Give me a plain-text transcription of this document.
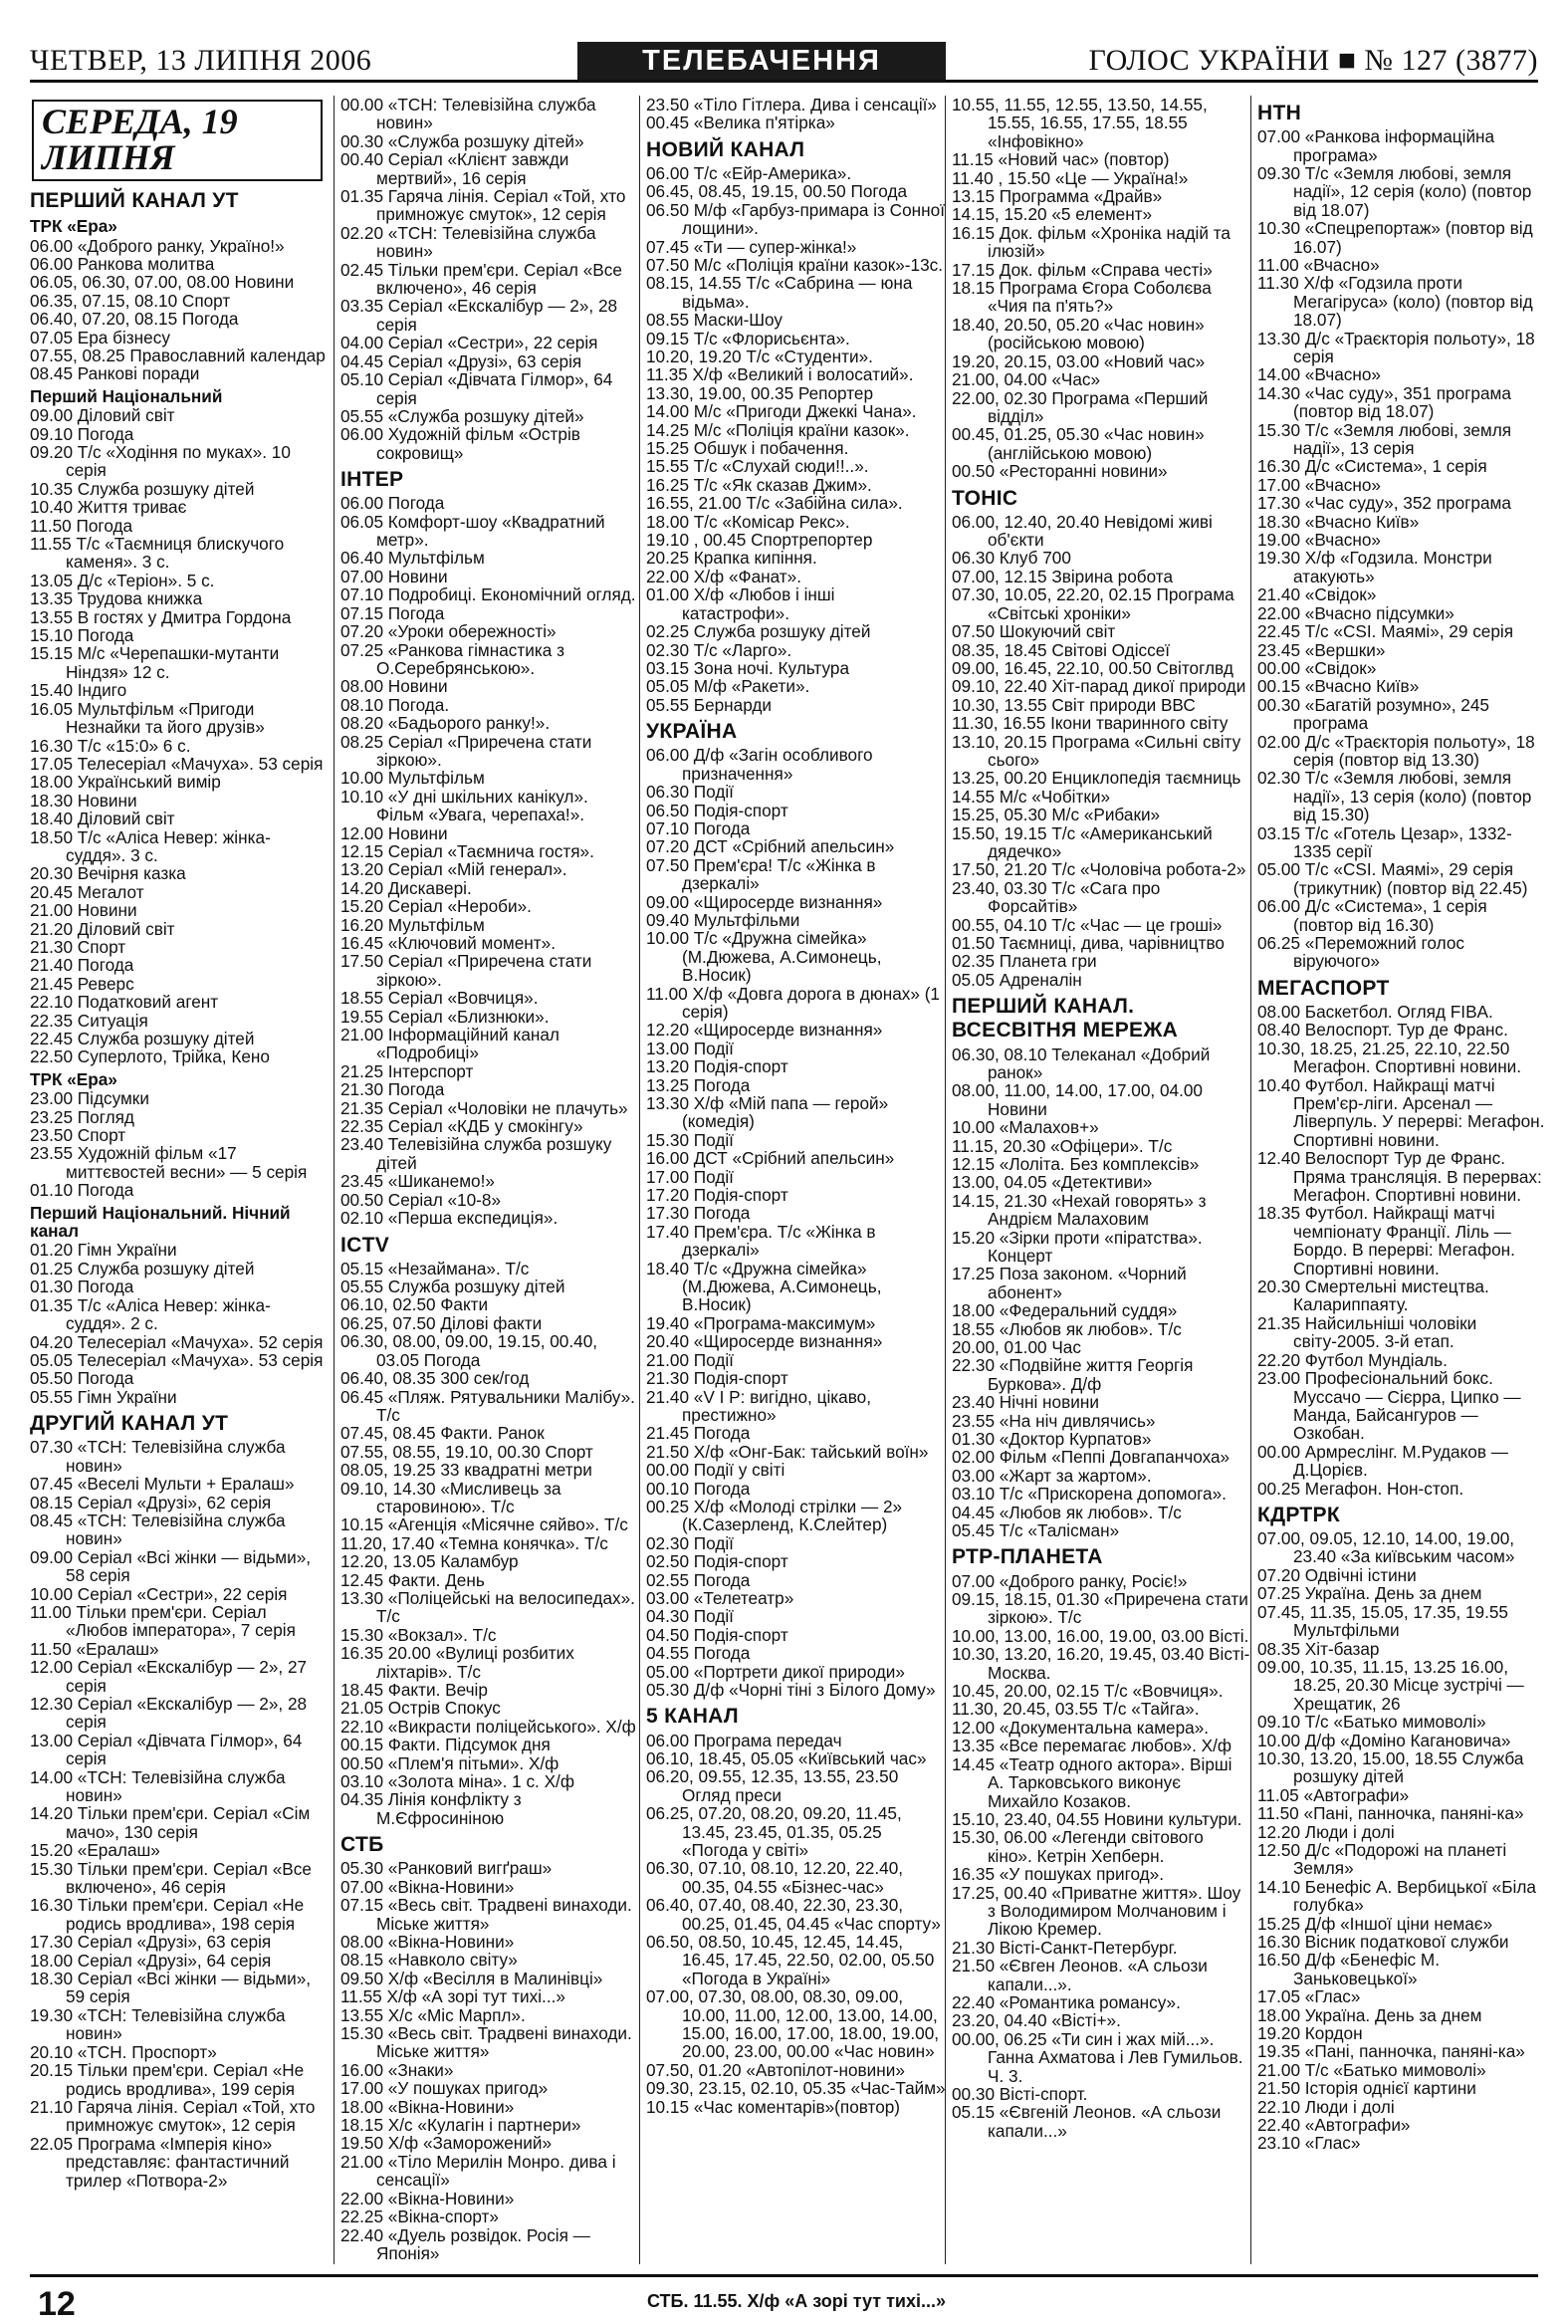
ЧЕТВЕР, 13 ЛИПНЯ 2006	ТЕЛЕБАЧЕННЯ	ГОЛОС УКРАЇНИ ■ № 127 (3877)
СЕРЕДА, 19 ЛИПНЯ
ПЕРШИЙ КАНАЛ УТ
ТРК «Ера»
06.00 «Доброго ранку, Україно!»
06.00 Ранкова молитва
06.05, 06.30, 07.00, 08.00 Новини
06.35, 07.15, 08.10 Спорт
06.40, 07.20, 08.15 Погода
07.05 Ера бізнесу
07.55, 08.25 Православний календар
08.45 Ранкові поради
Перший Національний
09.00 Діловий світ
09.10 Погода
09.20 Т/с «Ходіння по муках». 10 серія
10.35 Служба розшуку дітей
10.40 Життя триває
11.50 Погода
11.55 Т/с «Таємниця блискучого каменя». 3 с.
13.05 Д/с «Теріон». 5 с.
13.35 Трудова книжка
13.55 В гостях у Дмитра Гордона
15.10 Погода
15.15 М/с «Черепашки-мутанти Ніндзя» 12 с.
15.40 Індиго
16.05 Мультфільм «Пригоди Незнайки та його друзів»
16.30 Т/с «15:0» 6 с.
17.05 Телесеріал «Мачуха». 53 серія
18.00 Український вимір
18.30 Новини
18.40 Діловий світ
18.50 Т/с «Аліса Невер: жінка-суддя». 3 с.
20.30 Вечірня казка
20.45 Мегалот
21.00 Новини
21.20 Діловий світ
21.30 Спорт
21.40 Погода
21.45 Реверс
22.10 Податковий агент
22.35 Ситуація
22.45 Служба розшуку дітей
22.50 Суперлото, Трійка, Кено
ТРК «Ера»
23.00 Підсумки
23.25 Погляд
23.50 Спорт
23.55 Художній фільм «17 миттєвостей весни» — 5 серія
01.10 Погода
Перший Національний. Нічний канал
01.20 Гімн України
01.25 Служба розшуку дітей
01.30 Погода
01.35 Т/с «Аліса Невер: жінка-суддя». 2 с.
04.20 Телесеріал «Мачуха». 52 серія
05.05 Телесеріал «Мачуха». 53 серія
05.50 Погода
05.55 Гімн України
ДРУГИЙ КАНАЛ УТ
07.30 «ТСН: Телевізійна служба новин»
07.45 «Веселі Мульти + Ералаш»
08.15 Серіал «Друзі», 62 серія
08.45 «ТСН: Телевізійна служба новин»
09.00 Серіал «Всі жінки — відьми», 58 серія
10.00 Серіал «Сестри», 22 серія
11.00 Тільки прем'єри. Серіал «Любов імператора», 7 серія
11.50 «Ералаш»
12.00 Серіал «Екскалібур — 2», 27 серія
12.30 Серіал «Екскалібур — 2», 28 серія
13.00 Серіал «Дівчата Гілмор», 64 серія
14.00 «ТСН: Телевізійна служба новин»
14.20 Тільки прем'єри. Серіал «Сім мачо», 130 серія
15.20 «Ералаш»
15.30 Тільки прем'єри. Серіал «Все включено», 46 серія
16.30 Тільки прем'єри. Серіал «Не родись вродлива», 198 серія
17.30 Серіал «Друзі», 63 серія
18.00 Серіал «Друзі», 64 серія
18.30 Серіал «Всі жінки — відьми», 59 серія
19.30 «ТСН: Телевізійна служба новин»
20.10 «ТСН. Проспорт»
20.15 Тільки прем'єри. Серіал «Не родись вродлива», 199 серія
21.10 Гаряча лінія. Серіал «Той, хто примножує смуток», 12 серія
22.05 Програма «Імперія кіно» представляє: фантастичний трилер «Потвора-2»
00.00 «ТСН: Телевізійна служба новин»
00.30 «Служба розшуку дітей»
00.40 Серіал «Клієнт завжди мертвий», 16 серія
01.35 Гаряча лінія. Серіал «Той, хто примножує смуток», 12 серія
02.20 «ТСН: Телевізійна служба новин»
02.45 Тільки прем'єри. Серіал «Все включено», 46 серія
03.35 Серіал «Екскалібур — 2», 28 серія
04.00 Серіал «Сестри», 22 серія
04.45 Серіал «Друзі», 63 серія
05.10 Серіал «Дівчата Гілмор», 64 серія
05.55 «Служба розшуку дітей»
06.00 Художній фільм «Острів сокровищ»
ІНТЕР
06.00 Погода
06.05 Комфорт-шоу «Квадратний метр».
06.40 Мультфільм
07.00 Новини
07.10 Подробиці. Економічний огляд.
07.15 Погода
07.20 «Уроки обережності»
07.25 «Ранкова гімнастика з О.Серебрянською».
08.00 Новини
08.10 Погода.
08.20 «Бадьорого ранку!».
08.25 Серіал «Приречена стати зіркою».
10.00 Мультфільм
10.10 «У дні шкільних канікул». Фільм «Увага, черепаха!».
12.00 Новини
12.15 Серіал «Таємнича гостя».
13.20 Серіал «Мій генерал».
14.20 Дискавері.
15.20 Серіал «Нероби».
16.20 Мультфільм
16.45 «Ключовий момент».
17.50 Серіал «Приречена стати зіркою».
18.55 Серіал «Вовчиця».
19.55 Серіал «Близнюки».
21.00 Інформаційний канал «Подробиці»
21.25 Інтерспорт
21.30 Погода
21.35 Серіал «Чоловіки не плачуть»
22.35 Серіал «КДБ у смокінгу»
23.40 Телевізійна служба розшуку дітей
23.45 «Шиканемо!»
00.50 Серіал «10-8»
02.10 «Перша експедиція».
ICTV
05.15 «Незаймана». Т/с
05.55 Служба розшуку дітей
06.10, 02.50 Факти
06.25, 07.50 Ділові факти
06.30, 08.00, 09.00, 19.15, 00.40, 03.05 Погода
06.40, 08.35 300 сек/год
06.45 «Пляж. Рятувальники Малібу». Т/с
07.45, 08.45 Факти. Ранок
07.55, 08.55, 19.10, 00.30 Спорт
08.05, 19.25 33 квадратні метри
09.10, 14.30 «Мисливець за старовиною». Т/с
10.15 «Агенція «Місячне сяйво». Т/с
11.20, 17.40 «Темна конячка». Т/с
12.20, 13.05 Каламбур
12.45 Факти. День
13.30 «Поліцейські на велосипедах». Т/с
15.30 «Вокзал». Т/с
16.35 20.00 «Вулиці розбитих ліхтарів». Т/с
18.45 Факти. Вечір
21.05 Острів Спокус
22.10 «Викрасти поліцейського». Х/ф
00.15 Факти. Підсумок дня
00.50 «Плем'я пітьми». Х/ф
03.10 «Золота міна». 1 с. Х/ф
04.35 Лінія конфлікту з М.Єфросиніною
СТБ
05.30 «Ранковий вигґраш»
07.00 «Вікна-Новини»
07.15 «Весь світ. Традвені винаходи. Міське життя»
08.00 «Вікна-Новини»
08.15 «Навколо світу»
09.50 Х/ф «Весілля в Малинівці»
11.55 Х/ф «А зорі тут тихі...»
13.55 Х/с «Міс Марпл».
15.30 «Весь світ. Традвені винаходи. Міське життя»
16.00 «Знаки»
17.00 «У пошуках пригод»
18.00 «Вікна-Новини»
18.15 Х/с «Кулагін і партнери»
19.50 Х/ф «Заморожений»
21.00 «Тіло Мерилін Монро. дива і сенсації»
22.00 «Вікна-Новини»
22.25 «Вікна-спорт»
22.40 «Дуель розвідок. Росія — Японія»
23.50 «Тіло Гітлера. Дива і сенсації»
00.45 «Велика п'ятірка»
НОВИЙ КАНАЛ
06.00 Т/с «Ейр-Америка».
06.45, 08.45, 19.15, 00.50 Погода
06.50 М/ф «Гарбуз-примара із Сонної лощини».
07.45 «Ти — супер-жінка!»
07.50 М/с «Поліція країни казок»-13с.
08.15, 14.55 Т/с «Сабрина — юна відьма».
08.55 Маски-Шоу
09.15 Т/с «Флорисьєнта».
10.20, 19.20 Т/с «Студенти».
11.35 Х/ф «Великий і волосатий».
13.30, 19.00, 00.35 Репортер
14.00 М/с «Пригоди Джеккі Чана».
14.25 М/с «Поліція країни казок».
15.25 Обшук і побачення.
15.55 Т/с «Слухай сюди!!..».
16.25 Т/с «Як сказав Джим».
16.55, 21.00 Т/с «Забійна сила».
18.00 Т/с «Комісар Рекс».
19.10 , 00.45 Спортрепортер
20.25 Крапка кипіння.
22.00 Х/ф «Фанат».
01.00 Х/ф «Любов і інші катастрофи».
02.25 Служба розшуку дітей
02.30 Т/с «Ларго».
03.15 Зона ночі. Культура
05.05 М/ф «Ракети».
05.55 Бернарди
УКРАЇНА
06.00 Д/ф «Загін особливого призначення»
06.30 Події
06.50 Подія-спорт
07.10 Погода
07.20 ДСТ «Срібний апельсин»
07.50 Прем'єра! Т/с «Жінка в дзеркалі»
09.00 «Щиросерде визнання»
09.40 Мультфільми
10.00 Т/с «Дружна сімейка» (М.Дюжева, А.Симонець, В.Носик)
11.00 Х/ф «Довга дорога в дюнах» (1 серія)
12.20 «Щиросерде визнання»
13.00 Події
13.20 Подія-спорт
13.25 Погода
13.30 Х/ф «Мій папа — герой» (комедія)
15.30 Події
16.00 ДСТ «Срібний апельсин»
17.00 Події
17.20 Подія-спорт
17.30 Погода
17.40 Прем'єра. Т/с «Жінка в дзеркалі»
18.40 Т/с «Дружна сімейка» (М.Дюжева, А.Симонець, В.Носик)
19.40 «Програма-максимум»
20.40 «Щиросерде визнання»
21.00 Події
21.30 Подія-спорт
21.40 «V I P: вигідно, цікаво, престижно»
21.45 Погода
21.50 Х/ф «Онг-Бак: тайський воїн»
00.00 Події у світі
00.10 Погода
00.25 Х/ф «Молоді стрілки — 2» (К.Сазерленд, К.Слейтер)
02.30 Події
02.50 Подія-спорт
02.55 Погода
03.00 «Телетеатр»
04.30 Події
04.50 Подія-спорт
04.55 Погода
05.00 «Портрети дикої природи»
05.30 Д/ф «Чорні тіні з Білого Дому»
5 КАНАЛ
06.00 Програма передач
06.10, 18.45, 05.05 «Київський час»
06.20, 09.55, 12.35, 13.55, 23.50 Огляд преси
06.25, 07.20, 08.20, 09.20, 11.45, 13.45, 23.45, 01.35, 05.25 «Погода у світі»
06.30, 07.10, 08.10, 12.20, 22.40, 00.35, 04.55 «Бізнес-час»
06.40, 07.40, 08.40, 22.30, 23.30, 00.25, 01.45, 04.45 «Час спорту»
06.50, 08.50, 10.45, 12.45, 14.45, 16.45, 17.45, 22.50, 02.00, 05.50 «Погода в Україні»
07.00, 07.30, 08.00, 08.30, 09.00, 10.00, 11.00, 12.00, 13.00, 14.00, 15.00, 16.00, 17.00, 18.00, 19.00, 20.00, 23.00, 00.00 «Час новин»
07.50, 01.20 «Автопілот-новини»
09.30, 23.15, 02.10, 05.35 «Час-Тайм»
10.15 «Час коментарів»(повтор)
10.55, 11.55, 12.55, 13.50, 14.55, 15.55, 16.55, 17.55, 18.55 «Інфовікно»
11.15 «Новий час» (повтор)
11.40 , 15.50 «Це — Україна!»
13.15 Программа «Драйв»
14.15, 15.20 «5 елемент»
16.15 Док. фільм «Хроніка надій та ілюзій»
17.15 Док. фільм «Справа честі»
18.15 Програма Єгора Соболєва «Чия па п'ять?»
18.40, 20.50, 05.20 «Час новин» (російською мовою)
19.20, 20.15, 03.00 «Новий час»
21.00, 04.00 «Час»
22.00, 02.30 Програма «Перший відділ»
00.45, 01.25, 05.30 «Час новин» (англійською мовою)
00.50 «Ресторанні новини»
ТОНІС
06.00, 12.40, 20.40 Невідомі живі об'єкти
06.30 Клуб 700
07.00, 12.15 Звірина робота
07.30, 10.05, 22.20, 02.15 Програма «Світські хроніки»
07.50 Шокуючий світ
08.35, 18.45 Світові Одіссеї
09.00, 16.45, 22.10, 00.50 Світоглвд
09.10, 22.40 Хіт-парад дикої природи
10.30, 13.55 Світ природи ВВС
11.30, 16.55 Ікони тваринного світу
13.10, 20.15 Програма «Сильні світу сього»
13.25, 00.20 Енциклопедія таємниць
14.55 М/с «Чобітки»
15.25, 05.30 М/с «Рибаки»
15.50, 19.15 Т/с «Американський дядечко»
17.50, 21.20 Т/с «Чоловіча робота-2»
23.40, 03.30 Т/с «Сага про Форсайтів»
00.55, 04.10 Т/с «Час — це гроші»
01.50 Таємниці, дива, чарівництво
02.35 Планета гри
05.05 Адреналін
ПЕРШИЙ КАНАЛ. ВСЕСВІТНЯ МЕРЕЖА
06.30, 08.10 Телеканал «Добрий ранок»
08.00, 11.00, 14.00, 17.00, 04.00 Новини
10.00 «Малахов+»
11.15, 20.30 «Офіцери». Т/с
12.15 «Лоліта. Без комплексів»
13.00, 04.05 «Детективи»
14.15, 21.30 «Нехай говорять» з Андрієм Малаховим
15.20 «Зірки проти «піратства». Концерт
17.25 Поза законом. «Чорний абонент»
18.00 «Федеральний суддя»
18.55 «Любов як любов». Т/с
20.00, 01.00 Час
22.30 «Подвійне життя Георгія Буркова». Д/ф
23.40 Нічні новини
23.55 «На ніч дивлячись»
01.30 «Доктор Курпатов»
02.00 Фільм «Пеппі Довгапанчоха»
03.00 «Жарт за жартом».
03.10 Т/с «Прискорена допомога».
04.45 «Любов як любов». Т/с
05.45 Т/с «Талісман»
РТР-ПЛАНЕТА
07.00 «Доброго ранку, Росіє!»
09.15, 18.15, 01.30 «Приречена стати зіркою». Т/с
10.00, 13.00, 16.00, 19.00, 03.00 Вісті.
10.30, 13.20, 16.20, 19.45, 03.40 Вісті-Москва.
10.45, 20.00, 02.15 Т/с «Вовчиця».
11.30, 20.45, 03.55 Т/с «Тайга».
12.00 «Документальна камера».
13.35 «Все перемагає любов». Х/ф
14.45 «Театр одного актора». Вірші А. Тарковського виконує Михайло Козаков.
15.10, 23.40, 04.55 Новини культури.
15.30, 06.00 «Легенди світового кіно». Кетрін Хепберн.
16.35 «У пошуках пригод».
17.25, 00.40 «Приватне життя». Шоу з Володимиром Молчановим і Лікою Кремер.
21.30 Вісті-Санкт-Петербург.
21.50 «Євген Леонов. «А сльози капали...».
22.40 «Романтика романсу».
23.20, 04.40 «Вісті+».
00.00, 06.25 «Ти син і жах мій...». Ганна Ахматова і Лев Гумильов. Ч. 3.
00.30 Вісті-спорт.
05.15 «Євгеній Леонов. «А сльози капали...»
НТН
07.00 «Ранкова інформаційна програма»
09.30 Т/с «Земля любові, земля надії», 12 серія (коло) (повтор від 18.07)
10.30 «Спецрепортаж» (повтор від 16.07)
11.00 «Вчасно»
11.30 Х/ф «Годзила проти Мегагірусa» (коло) (повтор від 18.07)
13.30 Д/с «Траєкторія польоту», 18 серія
14.00 «Вчасно»
14.30 «Час суду», 351 програма (повтор від 18.07)
15.30 Т/с «Земля любові, земля надії», 13 серія
16.30 Д/с «Система», 1 серія
17.00 «Вчасно»
17.30 «Час суду», 352 програма
18.30 «Вчасно Київ»
19.00 «Вчасно»
19.30 Х/ф «Годзила. Монстри атакують»
21.40 «Свідок»
22.00 «Вчасно підсумки»
22.45 Т/с «CSI. Маямі», 29 серія
23.45 «Вершки»
00.00 «Свідок»
00.15 «Вчасно Київ»
00.30 «Багатій розумно», 245 програма
02.00 Д/с «Траєкторія польоту», 18 серія (повтор від 13.30)
02.30 Т/с «Земля любові, земля надії», 13 серія (коло) (повтор від 15.30)
03.15 Т/с «Готель Цезар», 1332-1335 серії
05.00 Т/с «CSI. Маямі», 29 серія (трикутник) (повтор від 22.45)
06.00 Д/с «Система», 1 серія (повтор від 16.30)
06.25 «Переможний голос віруючого»
МЕГАСПОРТ
08.00 Баскетбол. Огляд FIBA.
08.40 Велоспорт. Тур де Франс.
10.30, 18.25, 21.25, 22.10, 22.50 Мегафон. Спортивні новини.
10.40 Футбол. Найкращі матчі Прем'єр-ліги. Арсенал — Ліверпуль. У перерві: Мегафон. Спортивні новини.
12.40 Велоспорт Тур де Франс. Пряма трансляція. В перервах: Мегафон. Спортивні новини.
18.35 Футбол. Найкращі матчі чемпіонату Франції. Ліль — Бордо. В перерві: Мегафон. Спортивні новини.
20.30 Смертельні мистецтва. Калариппаяту.
21.35 Найсильніші чоловіки світу-2005. 3-й етап.
22.20 Футбол Мундіаль.
23.00 Професіональний бокс. Муссачо — Сієрра, Ципко — Манда, Байсангуров — Озкобан.
00.00 Армреслінг. М.Рудаков — Д.Цорієв.
00.25 Мегафон. Нон-стоп.
КДРТРК
07.00, 09.05, 12.10, 14.00, 19.00, 23.40 «За київським часом»
07.20 Одвічні істини
07.25 Україна. День за днем
07.45, 11.35, 15.05, 17.35, 19.55 Мультфільми
08.35 Хіт-базар
09.00, 10.35, 11.15, 13.25 16.00, 18.25, 20.30 Місце зустрічі — Хрещатик, 26
09.10 Т/с «Батько мимоволі»
10.00 Д/ф «Доміно Кагановича»
10.30, 13.20, 15.00, 18.55 Служба розшуку дітей
11.05 «Автографи»
11.50 «Пані, панночка, паняні-ка»
12.20 Люди і долі
12.50 Д/с «Подорожі на планеті Земля»
14.10 Бенефіс А. Вербицької «Біла голубка»
15.25 Д/ф «Іншої ціни немає»
16.30 Вісник податкової служби
16.50 Д/ф «Бенефіс М. Заньковецької»
17.05 «Глас»
18.00 Україна. День за днем
19.20 Кордон
19.35 «Пані, панночка, паняні-ка»
21.00 Т/с «Батько мимоволі»
21.50 Історія однієї картини
22.10 Люди і долі
22.40 «Автографи»
23.10 «Глас»
12	СТБ. 11.55. Х/ф «А зорі тут тихі...»
